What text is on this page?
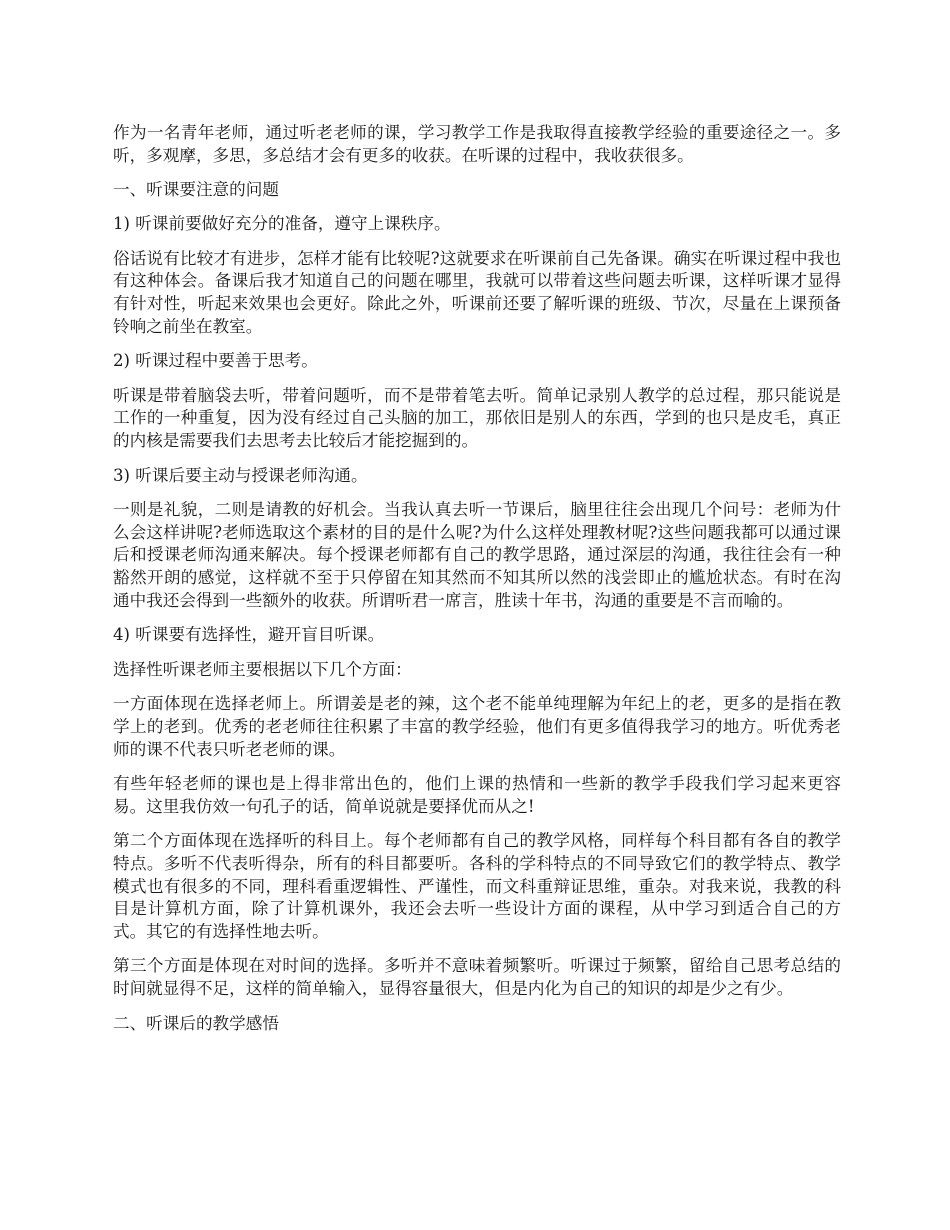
作为一名青年老师，通过听老老师的课，学习教学工作是我取得直接教学经验的重要途径之一。多听，多观摩，多思，多总结才会有更多的收获。在听课的过程中，我收获很多。

一、听课要注意的问题

1) 听课前要做好充分的准备，遵守上课秩序。

俗话说有比较才有进步，怎样才能有比较呢?这就要求在听课前自己先备课。确实在听课过程中我也有这种体会。备课后我才知道自己的问题在哪里，我就可以带着这些问题去听课，这样听课才显得有针对性，听起来效果也会更好。除此之外，听课前还要了解听课的班级、节次，尽量在上课预备铃响之前坐在教室。

2) 听课过程中要善于思考。

听课是带着脑袋去听，带着问题听，而不是带着笔去听。简单记录别人教学的总过程，那只能说是工作的一种重复，因为没有经过自己头脑的加工，那依旧是别人的东西，学到的也只是皮毛，真正的内核是需要我们去思考去比较后才能挖掘到的。

3) 听课后要主动与授课老师沟通。

一则是礼貌，二则是请教的好机会。当我认真去听一节课后，脑里往往会出现几个问号：老师为什么会这样讲呢?老师选取这个素材的目的是什么呢?为什么这样处理教材呢?这些问题我都可以通过课后和授课老师沟通来解决。每个授课老师都有自己的教学思路，通过深层的沟通，我往往会有一种豁然开朗的感觉，这样就不至于只停留在知其然而不知其所以然的浅尝即止的尴尬状态。有时在沟通中我还会得到一些额外的收获。所谓听君一席言，胜读十年书，沟通的重要是不言而喻的。

4) 听课要有选择性，避开盲目听课。

选择性听课老师主要根据以下几个方面：

一方面体现在选择老师上。所谓姜是老的辣，这个老不能单纯理解为年纪上的老，更多的是指在教学上的老到。优秀的老老师往往积累了丰富的教学经验，他们有更多值得我学习的地方。听优秀老师的课不代表只听老老师的课。

有些年轻老师的课也是上得非常出色的，他们上课的热情和一些新的教学手段我们学习起来更容易。这里我仿效一句孔子的话，简单说就是要择优而从之!

第二个方面体现在选择听的科目上。每个老师都有自己的教学风格，同样每个科目都有各自的教学特点。多听不代表听得杂，所有的科目都要听。各科的学科特点的不同导致它们的教学特点、教学模式也有很多的不同，理科看重逻辑性、严谨性，而文科重辩证思维，重杂。对我来说，我教的科目是计算机方面，除了计算机课外，我还会去听一些设计方面的课程，从中学习到适合自己的方式。其它的有选择性地去听。

第三个方面是体现在对时间的选择。多听并不意味着频繁听。听课过于频繁，留给自己思考总结的时间就显得不足，这样的简单输入，显得容量很大，但是内化为自己的知识的却是少之有少。

二、听课后的教学感悟
